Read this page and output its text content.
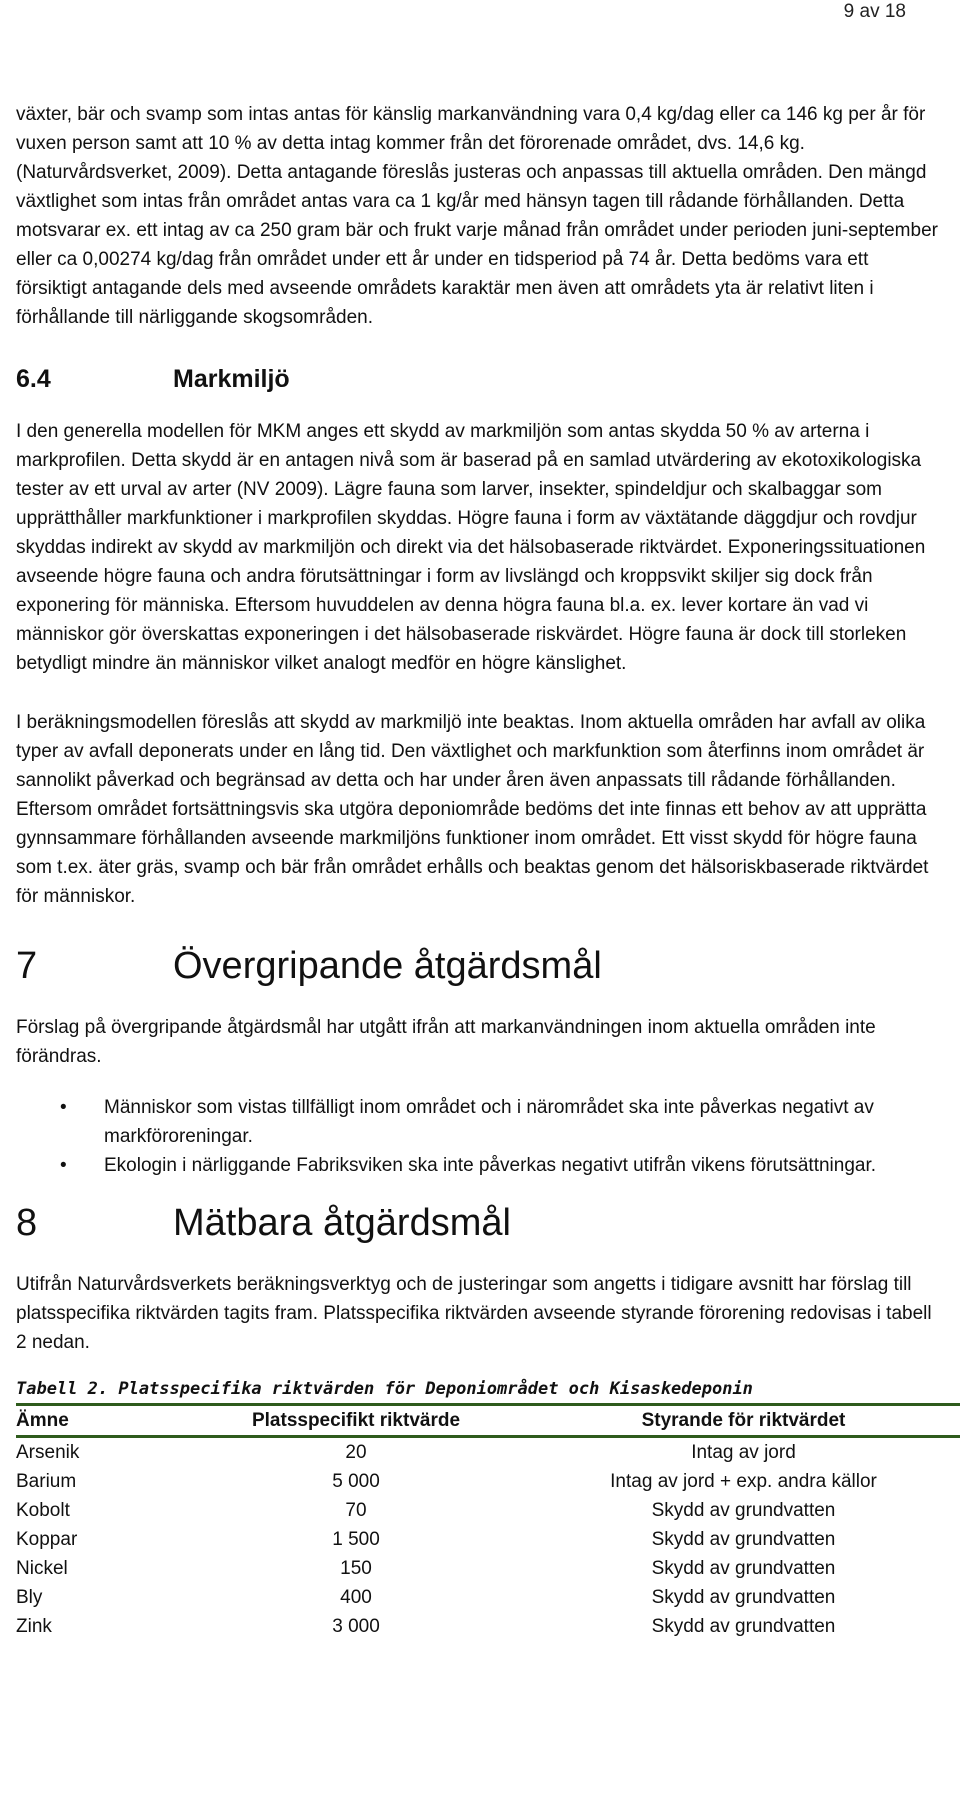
9 av 18

växter, bär och svamp som intas antas för känslig markanvändning vara 0,4 kg/dag eller ca 146 kg per år för vuxen person samt att 10 % av detta intag kommer från det förorenade området, dvs. 14,6 kg. (Naturvårdsverket, 2009). Detta antagande föreslås justeras och anpassas till aktuella områden. Den mängd växtlighet som intas från området antas vara ca 1 kg/år med hänsyn tagen till rådande förhållanden. Detta motsvarar ex. ett intag av ca 250 gram bär och frukt varje månad från området under perioden juni-september eller ca 0,00274 kg/dag från området under ett år under en tidsperiod på 74 år. Detta bedöms vara ett försiktigt antagande dels med avseende områdets karaktär men även att områdets yta är relativt liten i förhållande till närliggande skogsområden.

6.4	Markmiljö

I den generella modellen för MKM anges ett skydd av markmiljön som antas skydda 50 % av arterna i markprofilen. Detta skydd är en antagen nivå som är baserad på en samlad utvärdering av ekotoxikologiska tester av ett urval av arter (NV 2009). Lägre fauna som larver, insekter, spindeldjur och skalbaggar som upprätthåller markfunktioner i markprofilen skyddas. Högre fauna i form av växtätande däggdjur och rovdjur skyddas indirekt av skydd av markmiljön och direkt via det hälsobaserade riktvärdet. Exponeringssituationen avseende högre fauna och andra förutsättningar i form av livslängd och kroppsvikt skiljer sig dock från exponering för människa. Eftersom huvuddelen av denna högra fauna bl.a. ex. lever kortare än vad vi människor gör överskattas exponeringen i det hälsobaserade riskvärdet. Högre fauna är dock till storleken betydligt mindre än människor vilket analogt medför en högre känslighet.

I beräkningsmodellen föreslås att skydd av markmiljö inte beaktas. Inom aktuella områden har avfall av olika typer av avfall deponerats under en lång tid. Den växtlighet och markfunktion som återfinns inom området är sannolikt påverkad och begränsad av detta och har under åren även anpassats till rådande förhållanden. Eftersom området fortsättningsvis ska utgöra deponiområde bedöms det inte finnas ett behov av att upprätta gynnsammare förhållanden avseende markmiljöns funktioner inom området. Ett visst skydd för högre fauna som t.ex. äter gräs, svamp och bär från området erhålls och beaktas genom det hälsoriskbaserade riktvärdet för människor.

7	Övergripande åtgärdsmål

Förslag på övergripande åtgärdsmål har utgått ifrån att markanvändningen inom aktuella områden inte förändras.

• Människor som vistas tillfälligt inom området och i närområdet ska inte påverkas negativt av markföroreningar.
• Ekologin i närliggande Fabriksviken ska inte påverkas negativt utifrån vikens förutsättningar.
8	Mätbara åtgärdsmål

Utifrån Naturvårdsverkets beräkningsverktyg och de justeringar som angetts i tidigare avsnitt har förslag till platsspecifika riktvärden tagits fram. Platsspecifika riktvärden avseende styrande förorening redovisas i tabell 2 nedan.

Tabell 2. Platsspecifika riktvärden för Deponiområdet och Kisaskedeponin
Ämne	Platsspecifikt riktvärde	Styrande för riktvärdet
Arsenik	20	Intag av jord
Barium	5 000	Intag av jord + exp. andra källor
Kobolt	70	Skydd av grundvatten
Koppar	1 500	Skydd av grundvatten
Nickel	150	Skydd av grundvatten
Bly	400	Skydd av grundvatten
Zink	3 000	Skydd av grundvatten
